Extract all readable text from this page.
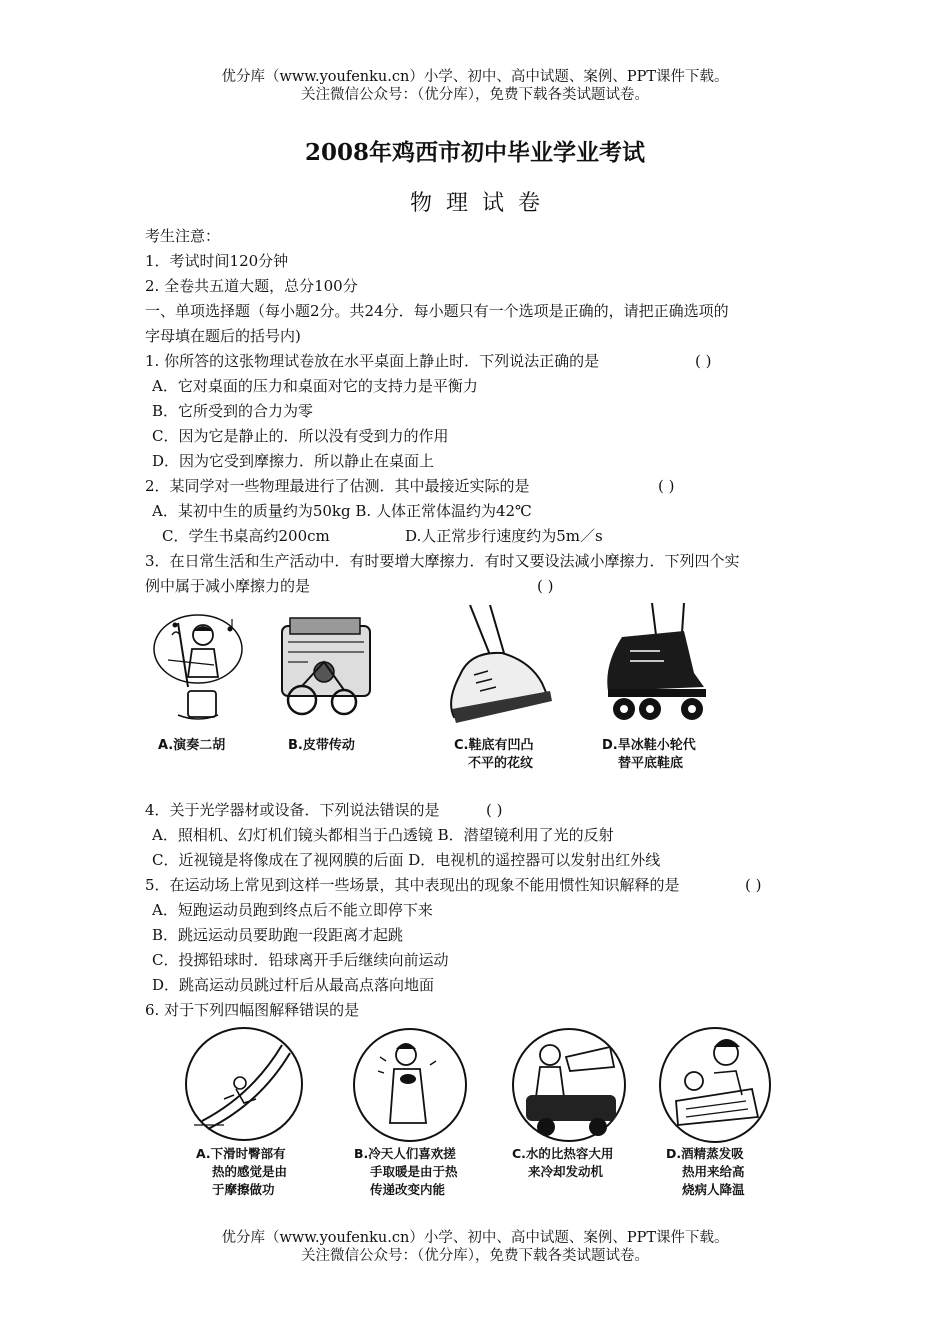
优分库（www.youfenku.cn）小学、初中、高中试题、案例、PPT课件下载。
关注微信公众号：（优分库），免费下载各类试题试卷。
2008年鸡西市初中毕业学业考试
物理试卷
考生注意：
1．考试时间120分钟
2. 全卷共五道大题，总分100分
一、单项选择题（每小题2分。共24分．每小题只有一个选项是正确的，请把正确选项的
字母填在题后的括号内)
1. 你所答的这张物理试卷放在水平桌面上静止时．下列说法正确的是	( )
A．它对桌面的压力和桌面对它的支持力是平衡力
B．它所受到的合力为零
C．因为它是静止的．所以没有受到力的作用
D．因为它受到摩擦力．所以静止在桌面上
2．某同学对一些物理最进行了估测．其中最接近实际的是	( )
A．某初中生的质量约为50kg B. 人体正常体温约为42℃
C．学生书桌高约200cm	D.人正常步行速度约为5m／s
3．在日常生活和生产活动中．有时要增大摩擦力．有时又要设法减小摩擦力．下列四个实
例中属于减小摩擦力的是	( )
A.演奏二胡	B.皮带传动	C.鞋底有凹凸
不平的花纹
D.旱冰鞋小轮代
替平底鞋底
4．关于光学器材或设备．下列说法错误的是	( )
A．照相机、幻灯机们镜头都相当于凸透镜 B．潜望镜利用了光的反射
C．近视镜是将像成在了视网膜的后面 D．电视机的遥控器可以发射出红外线
5．在运动场上常见到这样一些场景，其中表现出的现象不能用惯性知识解释的是	( )
A．短跑运动员跑到终点后不能立即停下来
B．跳远运动员要助跑一段距离才起跳
C．投掷铅球时．铅球离开手后继续向前运动
D．跳高运动员跳过杆后从最高点落向地面
6. 对于下列四幅图解释错误的是
A.下滑时臀部有
热的感觉是由
于摩擦做功
B.冷天人们喜欢搓
手取暖是由于热
传递改变内能
C.水的比热容大用
来冷却发动机
D.酒精蒸发吸
热用来给高
烧病人降温
优分库（www.youfenku.cn）小学、初中、高中试题、案例、PPT课件下载。
关注微信公众号：（优分库），免费下载各类试题试卷。
